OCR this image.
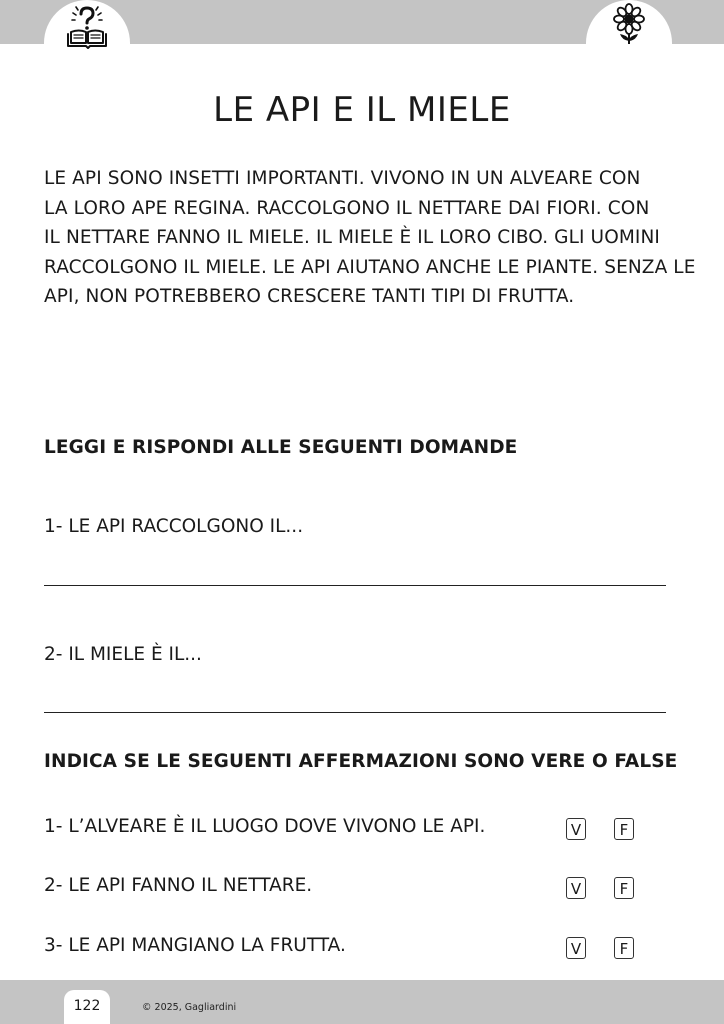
LE API E IL MIELE

LE API SONO INSETTI IMPORTANTI. VIVONO IN UN ALVEARE CON
LA LORO APE REGINA. RACCOLGONO IL NETTARE DAI FIORI. CON
IL NETTARE FANNO IL MIELE. IL MIELE È IL LORO CIBO. GLI UOMINI
RACCOLGONO IL MIELE. LE API AIUTANO ANCHE LE PIANTE. SENZA LE
API, NON POTREBBERO CRESCERE TANTI TIPI DI FRUTTA.

LEGGI E RISPONDI ALLE SEGUENTI DOMANDE

1- LE API RACCOLGONO IL...

2- IL MIELE È IL...

INDICA SE LE SEGUENTI AFFERMAZIONI SONO VERE O FALSE

1- L’ALVEARE È IL LUOGO DOVE VIVONO LE API.	V	F
2- LE API FANNO IL NETTARE.	V	F
3- LE API MANGIANO LA FRUTTA.	V	F
122	© 2025, Gagliardini
